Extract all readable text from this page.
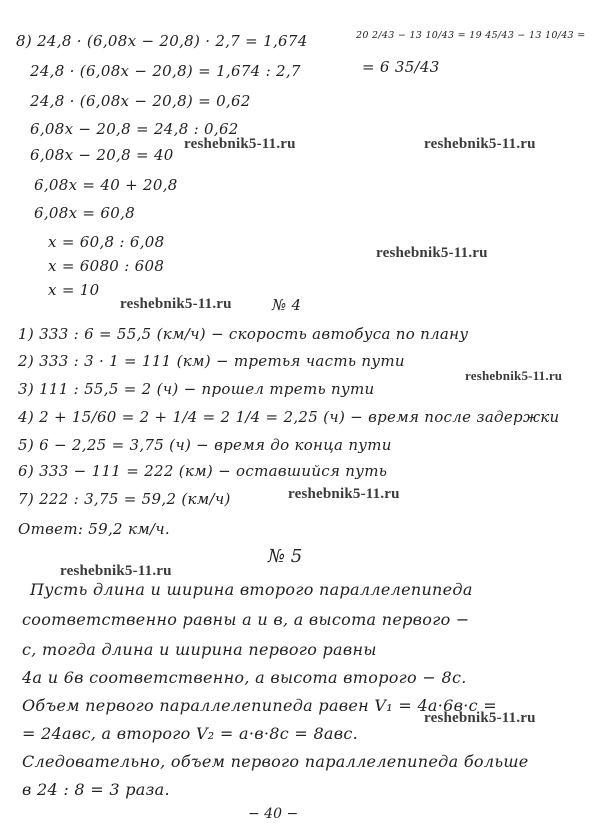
8) 24,8 · (6,08x − 20,8) · 2,7 = 1,674
24,8 · (6,08x − 20,8) = 1,674 : 2,7
24,8 · (6,08x − 20,8) = 0,62
6,08x − 20,8 = 24,8 : 0,62
6,08x − 20,8 = 40
6,08x = 40 + 20,8
6,08x = 60,8
x = 60,8 : 6,08
x = 6080 : 608
x = 10
20 2/43 − 13 10/43 = 19 45/43 − 13 10/43 =
= 6 35/43
reshebnik5-11.ru	reshebnik5-11.ru
reshebnik5-11.ru
reshebnik5-11.ru
reshebnik5-11.ru
reshebnik5-11.ru
reshebnik5-11.ru
reshebnik5-11.ru
№ 4
1) 333 : 6 = 55,5 (км/ч) − скорость автобуса по плану
2) 333 : 3 · 1 = 111 (км) − третья часть пути
3) 111 : 55,5 = 2 (ч) − прошел треть пути
4) 2 + 15/60 = 2 + 1/4 = 2 1/4 = 2,25 (ч) − время после задержки
5) 6 − 2,25 = 3,75 (ч) − время до конца пути
6) 333 − 111 = 222 (км) − оставшийся путь
7) 222 : 3,75 = 59,2 (км/ч)
Ответ: 59,2 км/ч.
№ 5
Пусть длина и ширина второго параллелепипеда
соответственно равны а и в, а высота первого −
с, тогда длина и ширина первого равны
4а и 6в соответственно, а высота второго − 8с.
Объем первого параллелепипеда равен V₁ = 4а·6в·с =
= 24авс, а второго V₂ = а·в·8с = 8авс.
Следовательно, объем первого параллелепипеда больше
в 24 : 8 = 3 раза.
− 40 −
